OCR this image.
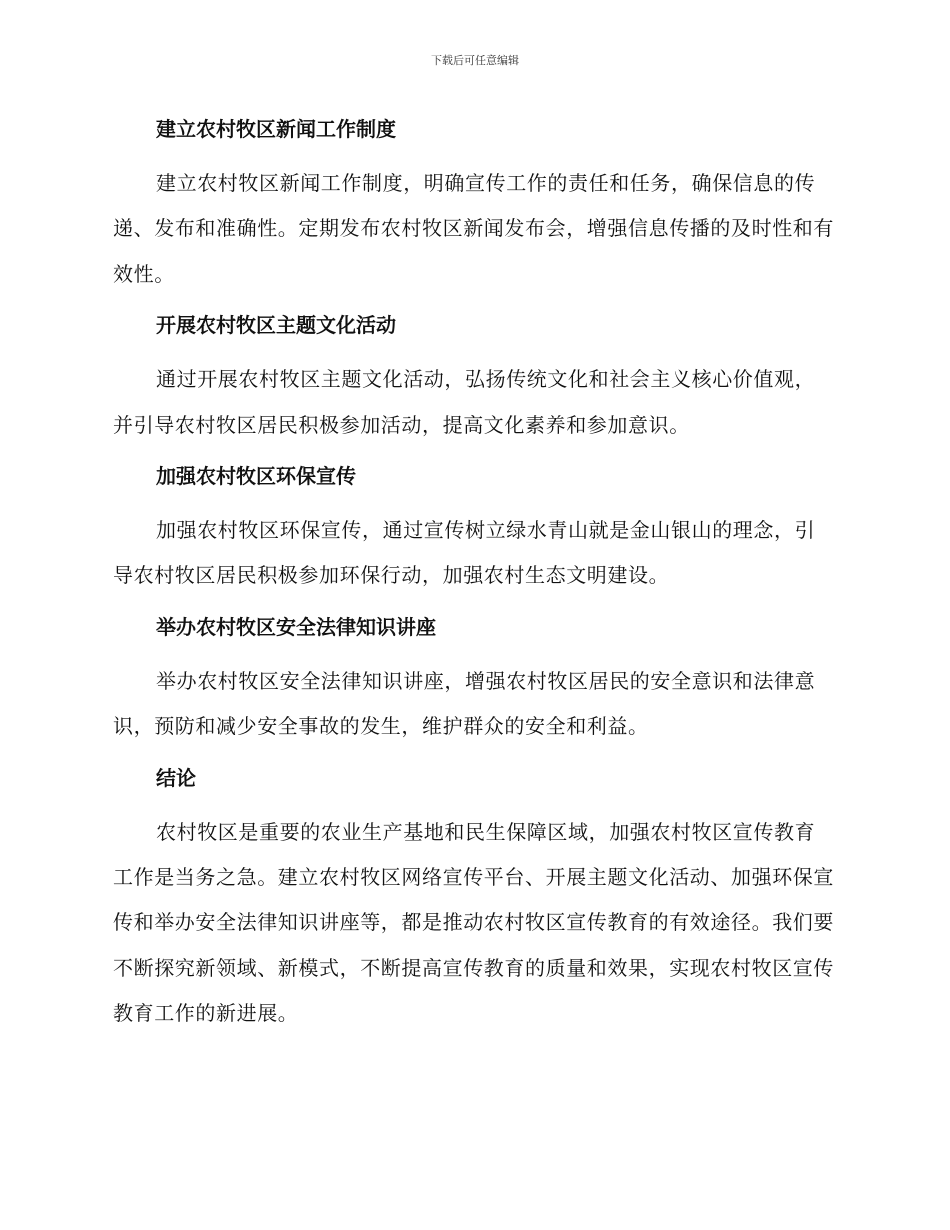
下载后可任意编辑
建立农村牧区新闻工作制度

建立农村牧区新闻工作制度，明确宣传工作的责任和任务，确保信息的传递、发布和准确性。定期发布农村牧区新闻发布会，增强信息传播的及时性和有效性。

开展农村牧区主题文化活动

通过开展农村牧区主题文化活动，弘扬传统文化和社会主义核心价值观，并引导农村牧区居民积极参加活动，提高文化素养和参加意识。

加强农村牧区环保宣传

加强农村牧区环保宣传，通过宣传树立绿水青山就是金山银山的理念，引导农村牧区居民积极参加环保行动，加强农村生态文明建设。

举办农村牧区安全法律知识讲座

举办农村牧区安全法律知识讲座，增强农村牧区居民的安全意识和法律意识，预防和减少安全事故的发生，维护群众的安全和利益。

结论

农村牧区是重要的农业生产基地和民生保障区域，加强农村牧区宣传教育工作是当务之急。建立农村牧区网络宣传平台、开展主题文化活动、加强环保宣传和举办安全法律知识讲座等，都是推动农村牧区宣传教育的有效途径。我们要不断探究新领域、新模式，不断提高宣传教育的质量和效果，实现农村牧区宣传教育工作的新进展。
